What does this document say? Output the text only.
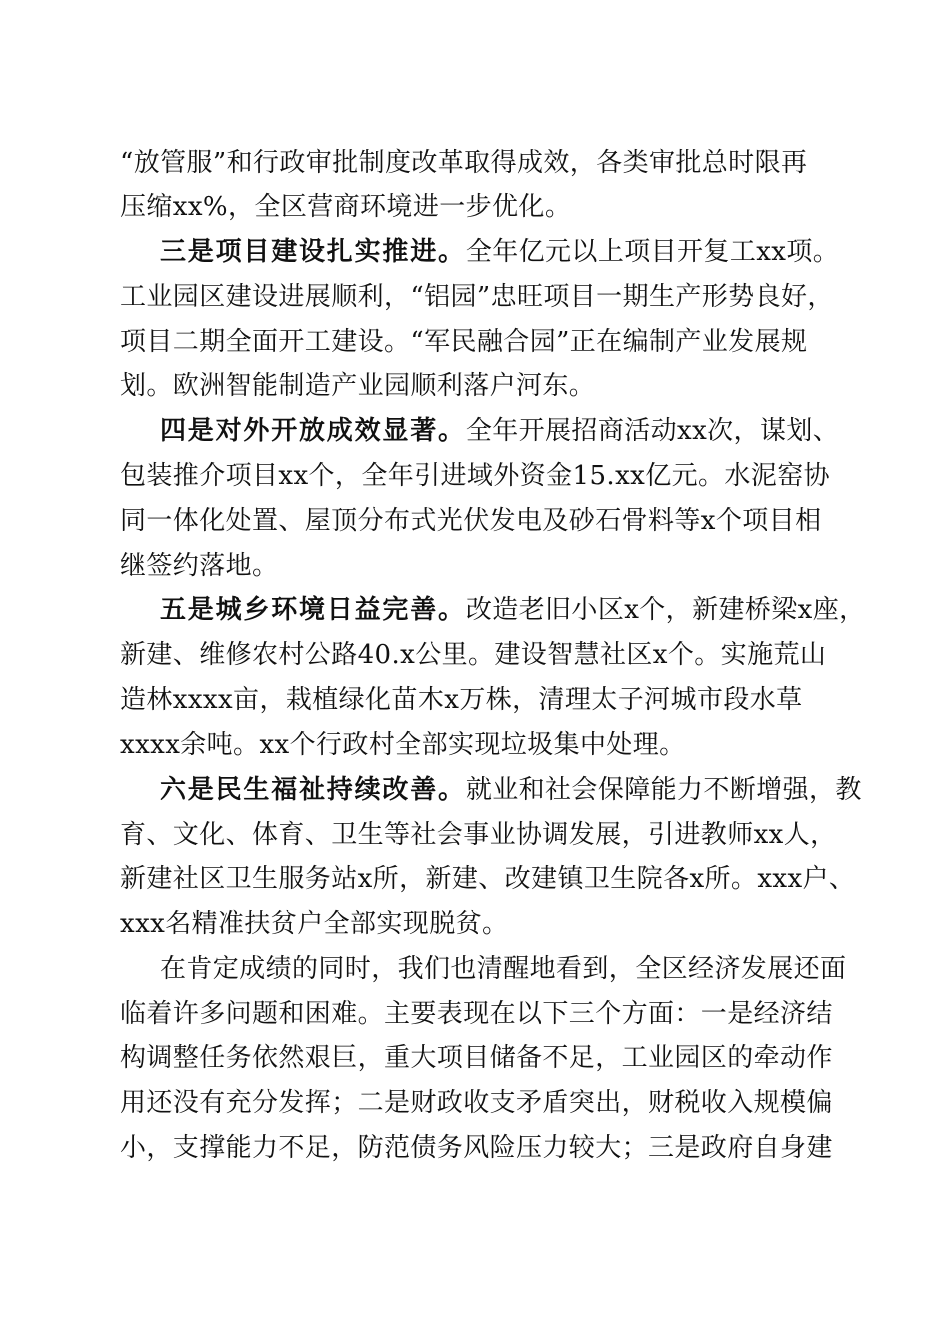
“放管服”和行政审批制度改革取得成效，各类审批总时限再
压缩xx%，全区营商环境进一步优化。
三是项目建设扎实推进。全年亿元以上项目开复工xx项。
工业园区建设进展顺利，“铝园”忠旺项目一期生产形势良好，
项目二期全面开工建设。“军民融合园”正在编制产业发展规
划。欧洲智能制造产业园顺利落户河东。
四是对外开放成效显著。全年开展招商活动xx次，谋划、
包装推介项目xx个，全年引进域外资金15.xx亿元。水泥窑协
同一体化处置、屋顶分布式光伏发电及砂石骨料等x个项目相
继签约落地。
五是城乡环境日益完善。改造老旧小区x个，新建桥梁x座，
新建、维修农村公路40.x公里。建设智慧社区x个。实施荒山
造林xxxx亩，栽植绿化苗木x万株，清理太子河城市段水草
xxxx余吨。xx个行政村全部实现垃圾集中处理。
六是民生福祉持续改善。就业和社会保障能力不断增强，教
育、文化、体育、卫生等社会事业协调发展，引进教师xx人，
新建社区卫生服务站x所，新建、改建镇卫生院各x所。xxx户、
xxx名精准扶贫户全部实现脱贫。
在肯定成绩的同时，我们也清醒地看到，全区经济发展还面
临着许多问题和困难。主要表现在以下三个方面：一是经济结
构调整任务依然艰巨，重大项目储备不足，工业园区的牵动作
用还没有充分发挥；二是财政收支矛盾突出，财税收入规模偏
小，支撑能力不足，防范债务风险压力较大；三是政府自身建
